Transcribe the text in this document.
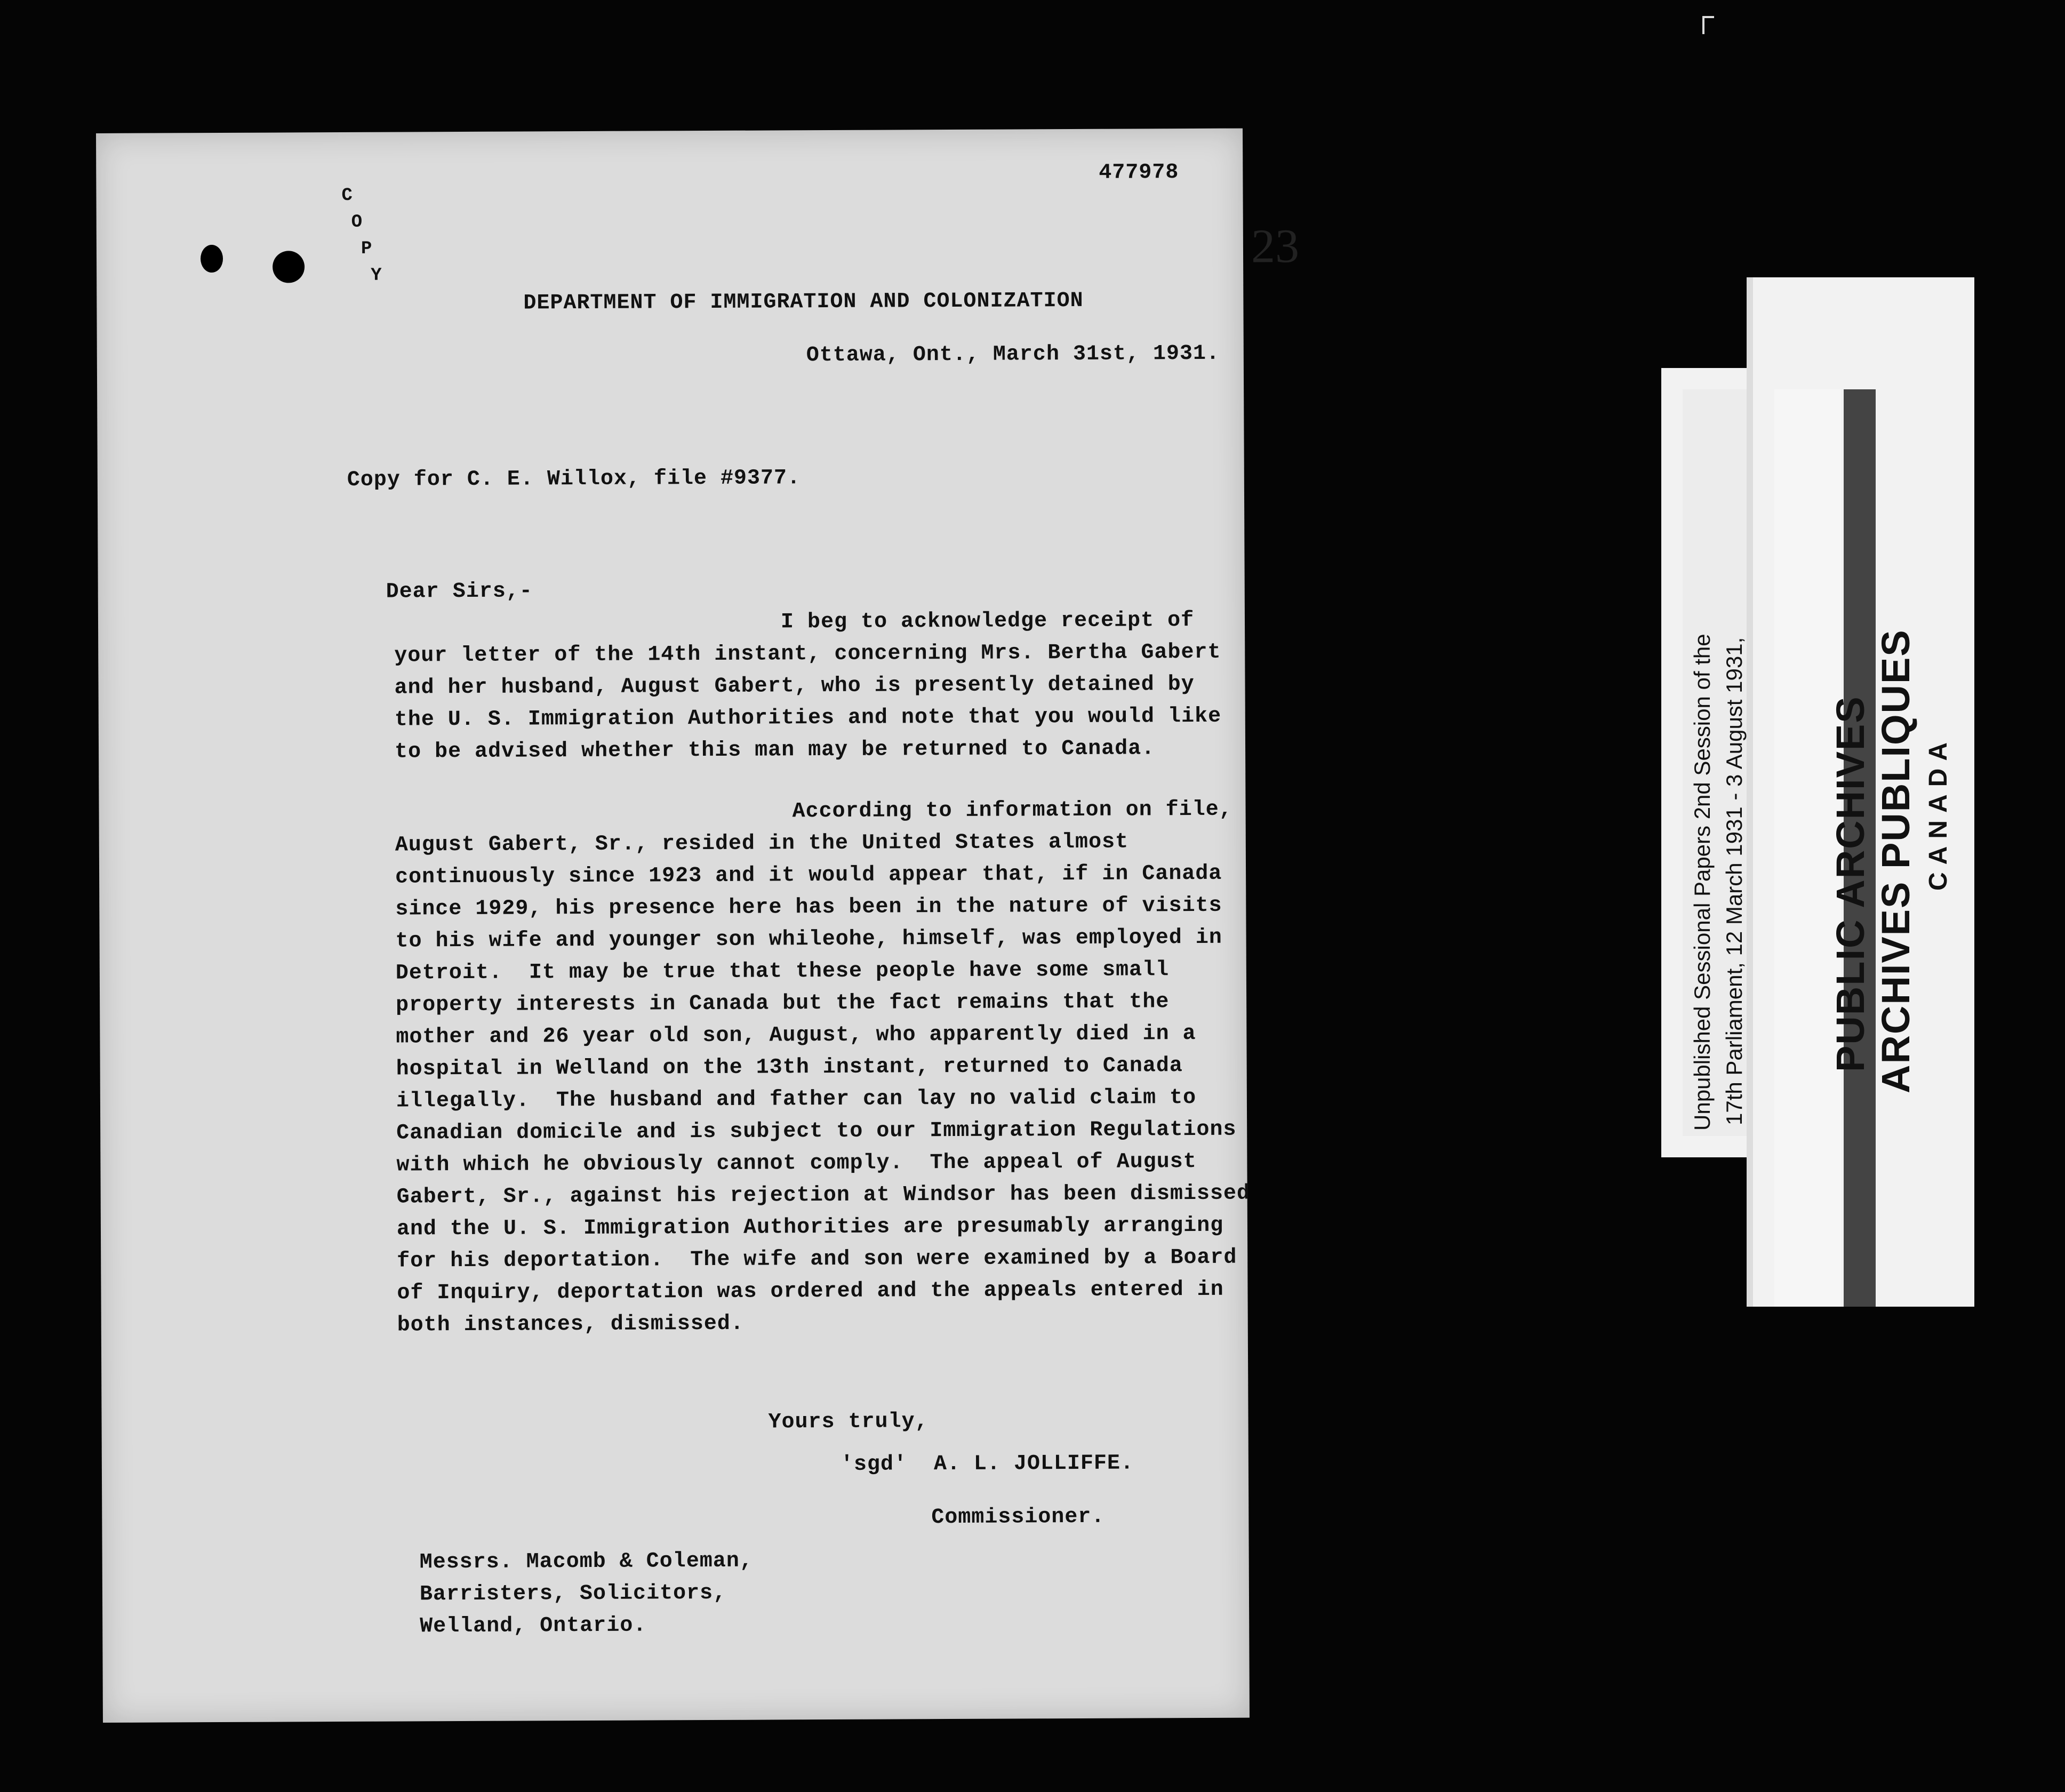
C
O
P
Y
477978
23
DEPARTMENT OF IMMIGRATION AND COLONIZATION
Ottawa, Ont., March 31st, 1931.
Copy for C. E. Willox, file #9377.
Dear Sirs,-
I beg to acknowledge receipt of
your letter of the 14th instant, concerning Mrs. Bertha Gabert
and her husband, August Gabert, who is presently detained by
the U. S. Immigration Authorities and note that you would like
to be advised whether this man may be returned to Canada.
According to information on file,
August Gabert, Sr., resided in the United States almost
continuously since 1923 and it would appear that, if in Canada
since 1929, his presence here has been in the nature of visits
to his wife and younger son whileohe, himself, was employed in
Detroit.  It may be true that these people have some small
property interests in Canada but the fact remains that the
mother and 26 year old son, August, who apparently died in a
hospital in Welland on the 13th instant, returned to Canada
illegally.  The husband and father can lay no valid claim to
Canadian domicile and is subject to our Immigration Regulations
with which he obviously cannot comply.  The appeal of August
Gabert, Sr., against his rejection at Windsor has been dismissed
and the U. S. Immigration Authorities are presumably arranging
for his deportation.  The wife and son were examined by a Board
of Inquiry, deportation was ordered and the appeals entered in
both instances, dismissed.
Yours truly,
'sgd'  A. L. JOLLIFFE.
Commissioner.
Messrs. Macomb & Coleman,
Barristers, Solicitors,
Welland, Ontario.
Unpublished Sessional Papers 2nd Session of the 17th Parliament, 12 March 1931 - 3 August 1931, PUBLIC ARCHIVES ARCHIVES PUBLIQUES CANADA
